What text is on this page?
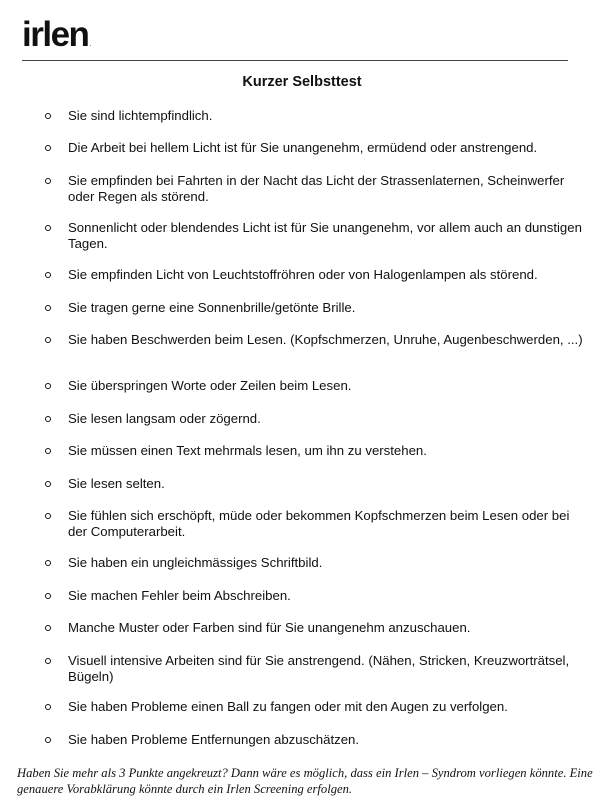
irlen .
Kurzer Selbsttest
Sie sind lichtempfindlich.
Die Arbeit bei hellem Licht ist für Sie unangenehm, ermüdend oder anstrengend.
Sie empfinden bei Fahrten in der Nacht das Licht der Strassenlaternen, Scheinwerfer oder Regen als störend.
Sonnenlicht oder blendendes Licht ist für Sie unangenehm, vor allem auch an dunstigen Tagen.
Sie empfinden Licht von Leuchtstoffröhren oder von Halogenlampen als störend.
Sie tragen gerne eine Sonnenbrille/getönte Brille.
Sie haben Beschwerden beim Lesen. (Kopfschmerzen, Unruhe, Augenbeschwerden, ...)
Sie überspringen Worte oder Zeilen beim Lesen.
Sie lesen langsam oder zögernd.
Sie müssen einen Text mehrmals lesen, um ihn zu verstehen.
Sie lesen selten.
Sie fühlen sich erschöpft, müde oder bekommen Kopfschmerzen beim Lesen oder bei der Computerarbeit.
Sie haben ein ungleichmässiges Schriftbild.
Sie machen Fehler beim Abschreiben.
Manche Muster oder Farben sind für Sie unangenehm anzuschauen.
Visuell intensive Arbeiten sind für Sie anstrengend. (Nähen, Stricken, Kreuzworträtsel, Bügeln)
Sie haben Probleme einen Ball zu fangen oder mit den Augen zu verfolgen.
Sie haben Probleme Entfernungen abzuschätzen.
Haben Sie mehr als 3 Punkte angekreuzt? Dann wäre es möglich, dass ein Irlen – Syndrom vorliegen könnte. Eine genauere Vorabklärung könnte durch ein Irlen Screening erfolgen.
